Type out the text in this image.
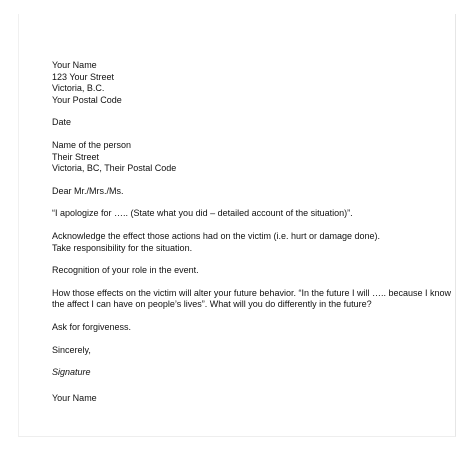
Your Name

123 Your Street

Victoria, B.C.

Your Postal Code

Date

Name of the person

Their Street

Victoria, BC, Their Postal Code

Dear Mr./Mrs./Ms.

“I apologize for ….. (State what you did – detailed account of the situation)”.

Acknowledge the effect those actions had on the victim (i.e. hurt or damage done).

Take responsibility for the situation.

Recognition of your role in the event.

How those effects on the victim will alter your future behavior. “In the future I will ….. because I know

the affect I can have on people’s lives”. What will you do differently in the future?

Ask for forgiveness.

Sincerely,

Signature

Your Name
